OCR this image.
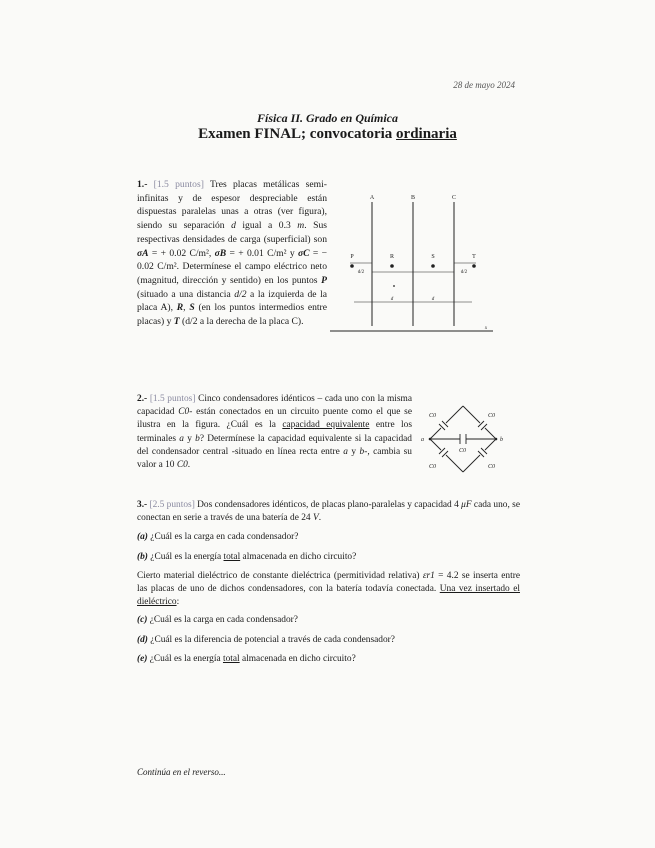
28 de mayo 2024
Física II. Grado en Química
Examen FINAL; convocatoria ordinaria
1.- [1.5 puntos] Tres placas metálicas semi-infinitas y de espesor despreciable están dispuestas paralelas unas a otras (ver figura), siendo su separación d igual a 0.3 m. Sus respectivas densidades de carga (superficial) son σA = + 0.02 C/m², σB = + 0.01 C/m² y σC = − 0.02 C/m². Determínese el campo eléctrico neto (magnitud, dirección y sentido) en los puntos P (situado a una distancia d/2 a la izquierda de la placa A), R, S (en los puntos intermedios entre placas) y T (d/2 a la derecha de la placa C).
A	B	C
P	R	S	T
d/2	d/2
d	d
x
2.- [1.5 puntos] Cinco condensadores idénticos – cada uno con la misma capacidad C0- están conectados en un circuito puente como el que se ilustra en la figura. ¿Cuál es la capacidad equivalente entre los terminales a y b? Determínese la capacidad equivalente si la capacidad del condensador central -situado en línea recta entre a y b-, cambia su valor a 10 C0.
C0	C0
C0
C0	C0
a	b

3.- [2.5 puntos] Dos condensadores idénticos, de placas plano-paralelas y capacidad 4 μF cada uno, se conectan en serie a través de una batería de 24 V.

(a) ¿Cuál es la carga en cada condensador?
(b) ¿Cuál es la energía total almacenada en dicho circuito?
Cierto material dieléctrico de constante dieléctrica (permitividad relativa) εr1 = 4.2 se inserta entre las placas de uno de dichos condensadores, con la batería todavía conectada. Una vez insertado el dieléctrico:
(c) ¿Cuál es la carga en cada condensador?
(d) ¿Cuál es la diferencia de potencial a través de cada condensador?
(e) ¿Cuál es la energía total almacenada en dicho circuito?
Continúa en el reverso...
